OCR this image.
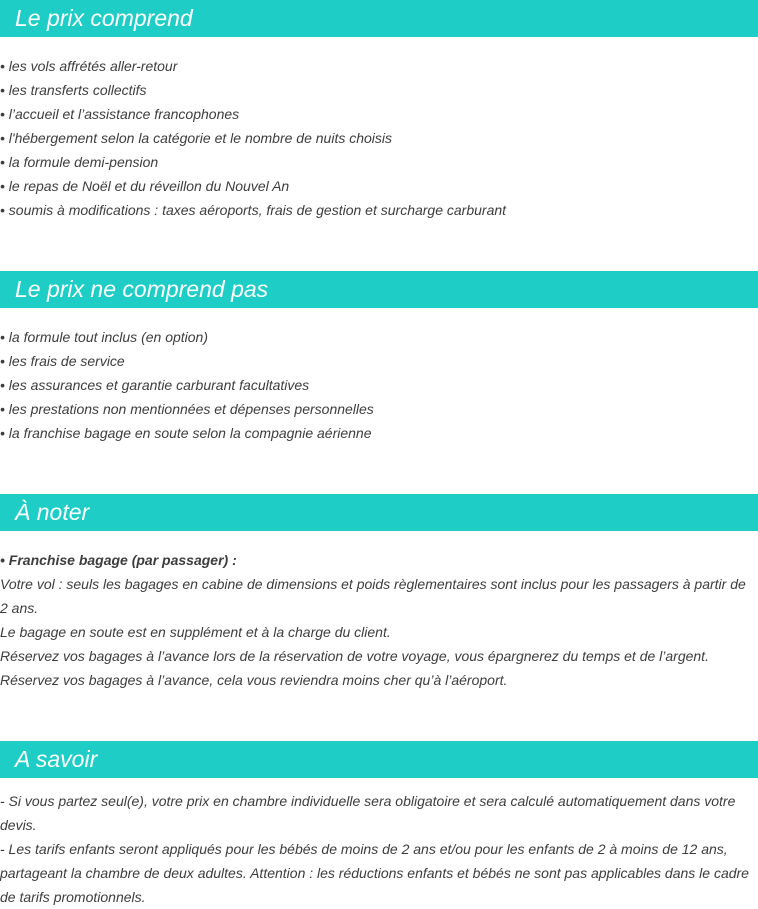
Le prix comprend

• les vols affrétés aller-retour

• les transferts collectifs

• l’accueil et l’assistance francophones

• l'hébergement selon la catégorie et le nombre de nuits choisis

• la formule demi-pension

• le repas de Noël et du réveillon du Nouvel An

• soumis à modifications : taxes aéroports, frais de gestion et surcharge carburant

Le prix ne comprend pas

• la formule tout inclus (en option)

• les frais de service

• les assurances et garantie carburant facultatives

• les prestations non mentionnées et dépenses personnelles

• la franchise bagage en soute selon la compagnie aérienne

À noter

• Franchise bagage (par passager) :

Votre vol : seuls les bagages en cabine de dimensions et poids règlementaires sont inclus pour les passagers à partir de 2 ans.

Le bagage en soute est en supplément et à la charge du client.

Réservez vos bagages à l’avance lors de la réservation de votre voyage, vous épargnerez du temps et de l’argent.

Réservez vos bagages à l’avance, cela vous reviendra moins cher qu’à l’aéroport.

A savoir

- Si vous partez seul(e), votre prix en chambre individuelle sera obligatoire et sera calculé automatiquement dans votre devis.

- Les tarifs enfants seront appliqués pour les bébés de moins de 2 ans et/ou pour les enfants de 2 à moins de 12 ans, partageant la chambre de deux adultes. Attention : les réductions enfants et bébés ne sont pas applicables dans le cadre de tarifs promotionnels.
